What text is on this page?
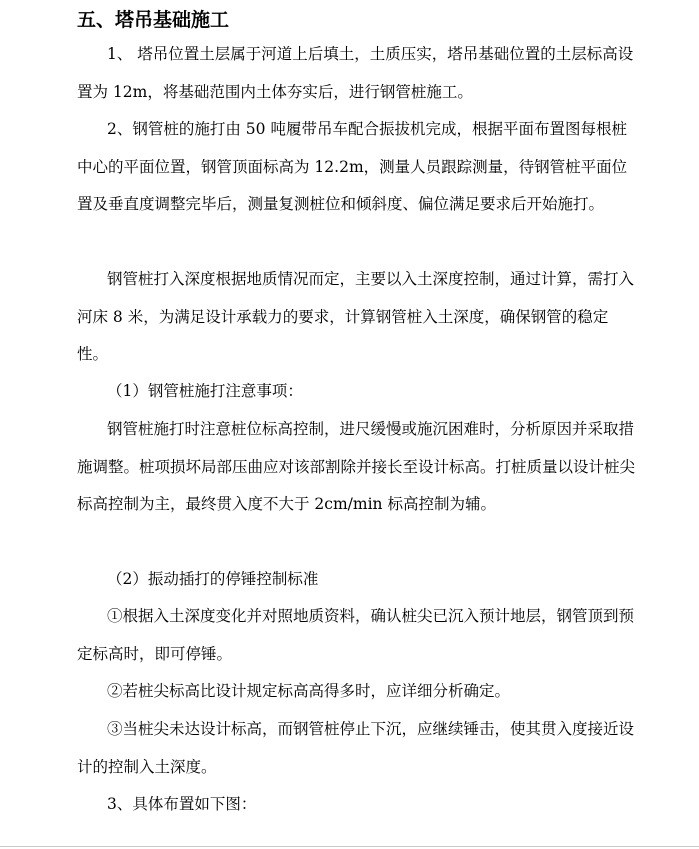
五、塔吊基础施工

1、 塔吊位置土层属于河道上后填土，土质压实，塔吊基础位置的土层标高设置为 12m，将基础范围内土体夯实后，进行钢管桩施工。

2、钢管桩的施打由 50 吨履带吊车配合振拔机完成，根据平面布置图每根桩中心的平面位置，钢管顶面标高为 12.2m，测量人员跟踪测量，待钢管桩平面位置及垂直度调整完毕后，测量复测桩位和倾斜度、偏位满足要求后开始施打。

钢管桩打入深度根据地质情况而定，主要以入土深度控制，通过计算，需打入河床 8 米，为满足设计承载力的要求，计算钢管桩入土深度，确保钢管的稳定性。

（1）钢管桩施打注意事项：

钢管桩施打时注意桩位标高控制，进尺缓慢或施沉困难时，分析原因并采取措施调整。桩项损坏局部压曲应对该部割除并接长至设计标高。打桩质量以设计桩尖标高控制为主，最终贯入度不大于 2cm/min 标高控制为辅。

（2）振动插打的停锤控制标准

①根据入土深度变化并对照地质资料，确认桩尖已沉入预计地层，钢管顶到预定标高时，即可停锤。

②若桩尖标高比设计规定标高高得多时，应详细分析确定。

③当桩尖未达设计标高，而钢管桩停止下沉，应继续锤击，使其贯入度接近设计的控制入土深度。

3、具体布置如下图：
